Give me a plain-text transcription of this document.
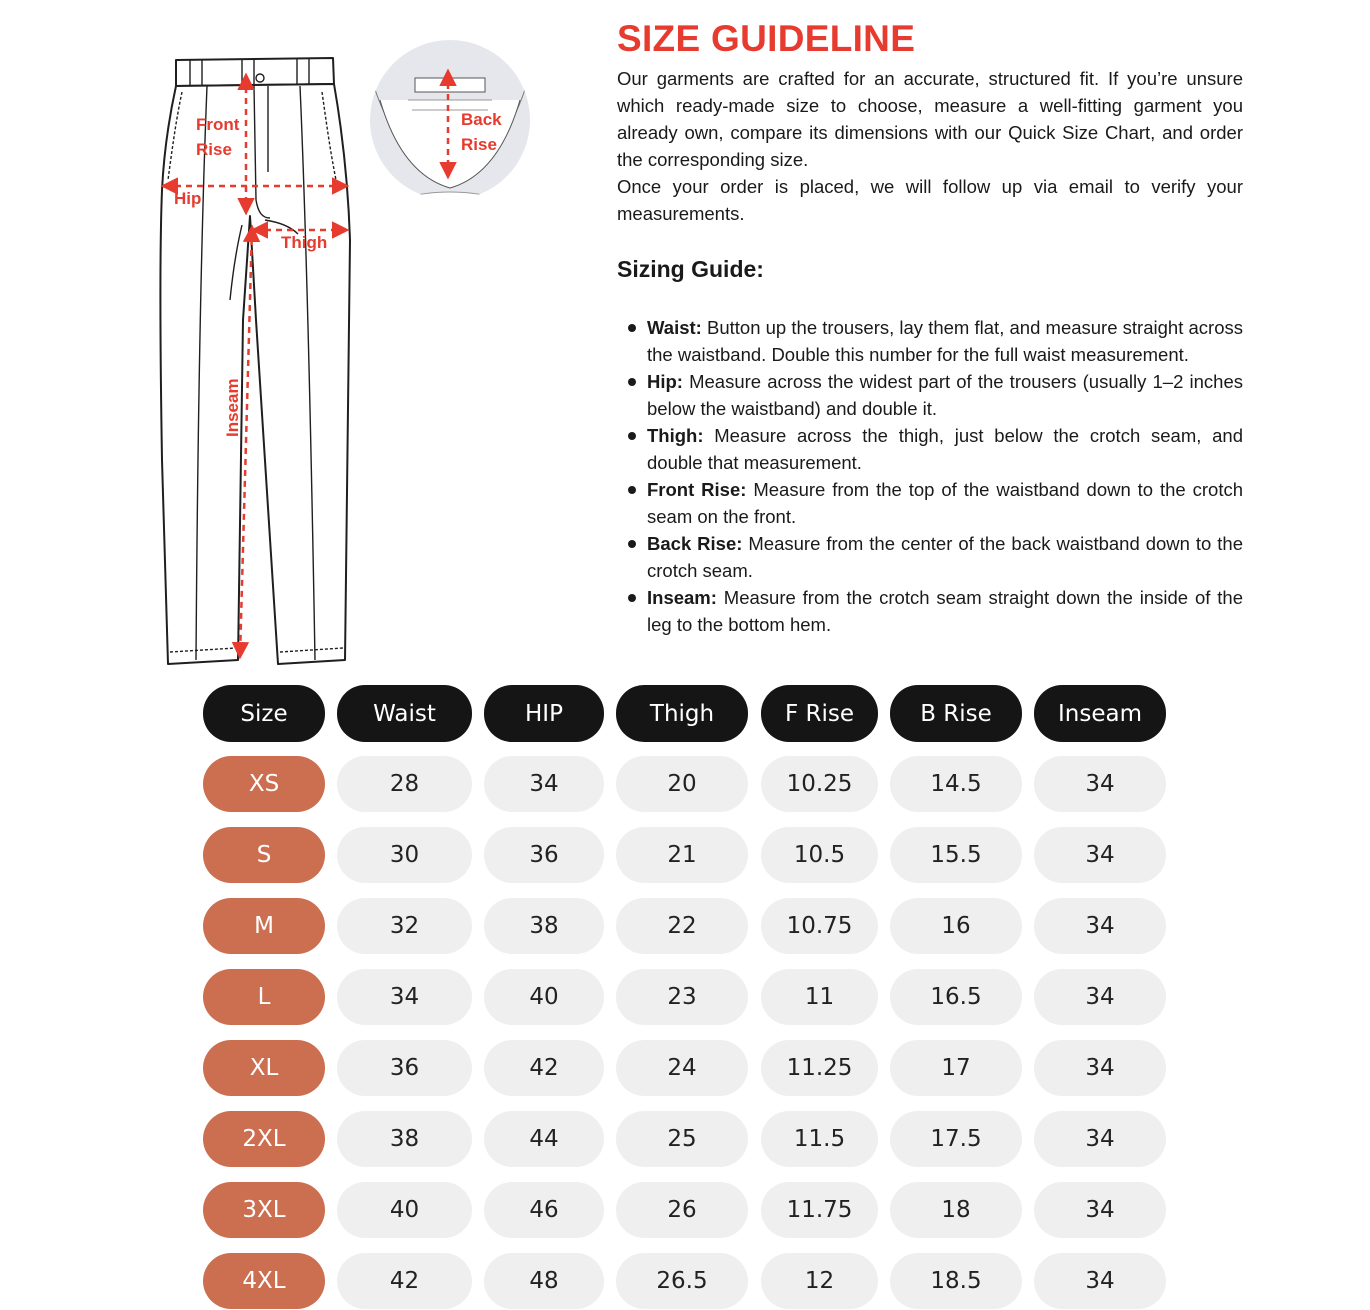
Front
Rise
Back
Rise
Hip
Thigh
Inseam
SIZE GUIDELINE

Our garments are crafted for an accurate, structured fit. If you’re unsure which ready-made size to choose, measure a well-fitting garment you already own, compare its dimensions with our Quick Size Chart, and order the corresponding size.

Once your order is placed, we will follow up via email to verify your measurements.

Sizing Guide:
Waist: Button up the trousers, lay them flat, and measure straight across the waistband. Double this number for the full waist measurement.
Hip: Measure across the widest part of the trousers (usually 1–2 inches below the waistband) and double it.
Thigh: Measure across the thigh, just below the crotch seam, and double that measurement.
Front Rise: Measure from the top of the waistband down to the crotch seam on the front.
Back Rise: Measure from the center of the back waistband down to the crotch seam.
Inseam: Measure from the crotch seam straight down the inside of the leg to the bottom hem.
Size	Waist	HIP	Thigh	F Rise	B Rise	Inseam
XS	28	34	20	10.25	14.5	34
S	30	36	21	10.5	15.5	34
M	32	38	22	10.75	16	34
L	34	40	23	11	16.5	34
XL	36	42	24	11.25	17	34
2XL	38	44	25	11.5	17.5	34
3XL	40	46	26	11.75	18	34
4XL	42	48	26.5	12	18.5	34
